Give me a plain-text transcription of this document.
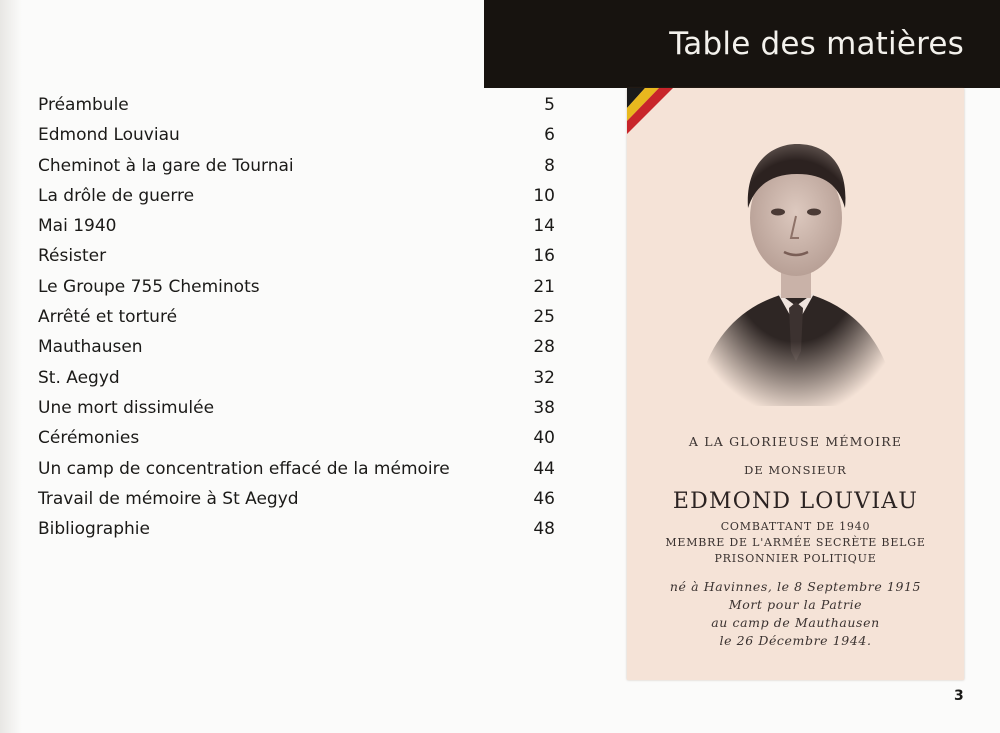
Table des matières
Préambule	5
Edmond Louviau	6
Cheminot à la gare de Tournai	8
La drôle de guerre	10
Mai 1940	14
Résister	16
Le Groupe 755 Cheminots	21
Arrêté et torturé	25
Mauthausen	28
St. Aegyd	32
Une mort dissimulée	38
Cérémonies	40
Un camp de concentration effacé de la mémoire	44
Travail de mémoire à St Aegyd	46
Bibliographie	48
A LA GLORIEUSE MÉMOIRE
DE MONSIEUR
EDMOND LOUVIAU
COMBATTANT DE 1940
MEMBRE DE L'ARMÉE SECRÈTE BELGE
PRISONNIER POLITIQUE
né à Havinnes, le 8 Septembre 1915
Mort pour la Patrie
au camp de Mauthausen
le 26 Décembre 1944.
3
